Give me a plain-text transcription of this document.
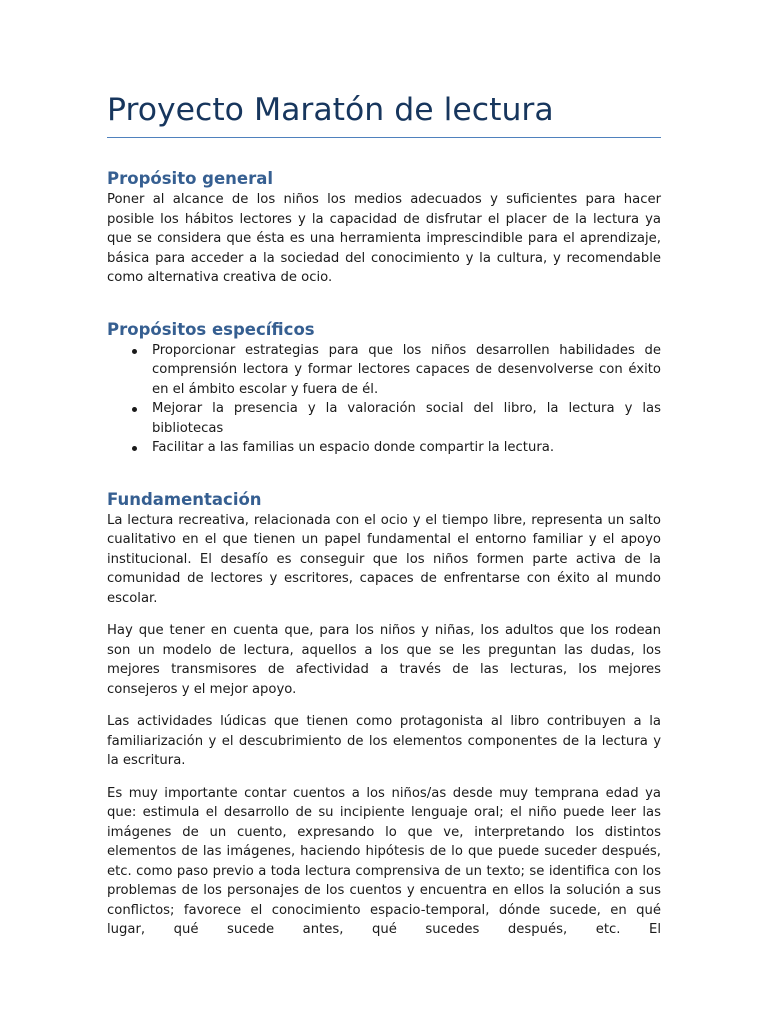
Proyecto Maratón de lectura
Propósito general

Poner al alcance de los niños los medios adecuados y suficientes para hacer posible los hábitos lectores y la capacidad de disfrutar el placer de la lectura ya que se considera que ésta es una herramienta imprescindible para el aprendizaje, básica para acceder a la sociedad del conocimiento y la cultura, y recomendable como alternativa creativa de ocio.

Propósitos específicos

Proporcionar estrategias para que los niños desarrollen habilidades de comprensión lectora y formar lectores capaces de desenvolverse con éxito en el ámbito escolar y fuera de él.

Mejorar la presencia y la valoración social del libro, la lectura y las bibliotecas

Facilitar a las familias un espacio donde compartir la lectura.

Fundamentación

La lectura recreativa, relacionada con el ocio y el tiempo libre, representa un salto cualitativo en el que tienen un papel fundamental el entorno familiar y el apoyo institucional. El desafío es conseguir que los niños formen parte activa de la comunidad de lectores y escritores, capaces de enfrentarse con éxito al mundo escolar.

Hay que tener en cuenta que, para los niños y niñas, los adultos que los rodean son un modelo de lectura, aquellos a los que se les preguntan las dudas, los mejores transmisores de afectividad a través de las lecturas, los mejores consejeros y el mejor apoyo.

Las actividades lúdicas que tienen como protagonista al libro contribuyen a la familiarización y el descubrimiento de los elementos componentes de la lectura y la escritura.

Es muy importante contar cuentos a los niños/as desde muy temprana edad ya que: estimula el desarrollo de su incipiente lenguaje oral; el niño puede leer las imágenes de un cuento, expresando lo que ve, interpretando los distintos elementos de las imágenes, haciendo hipótesis de lo que puede suceder después, etc. como paso previo a toda lectura comprensiva de un texto; se identifica con los problemas de los personajes de los cuentos y encuentra en ellos la solución a sus conflictos; favorece el conocimiento espacio-temporal, dónde sucede, en qué lugar, qué sucede antes, qué sucedes después, etc. El
